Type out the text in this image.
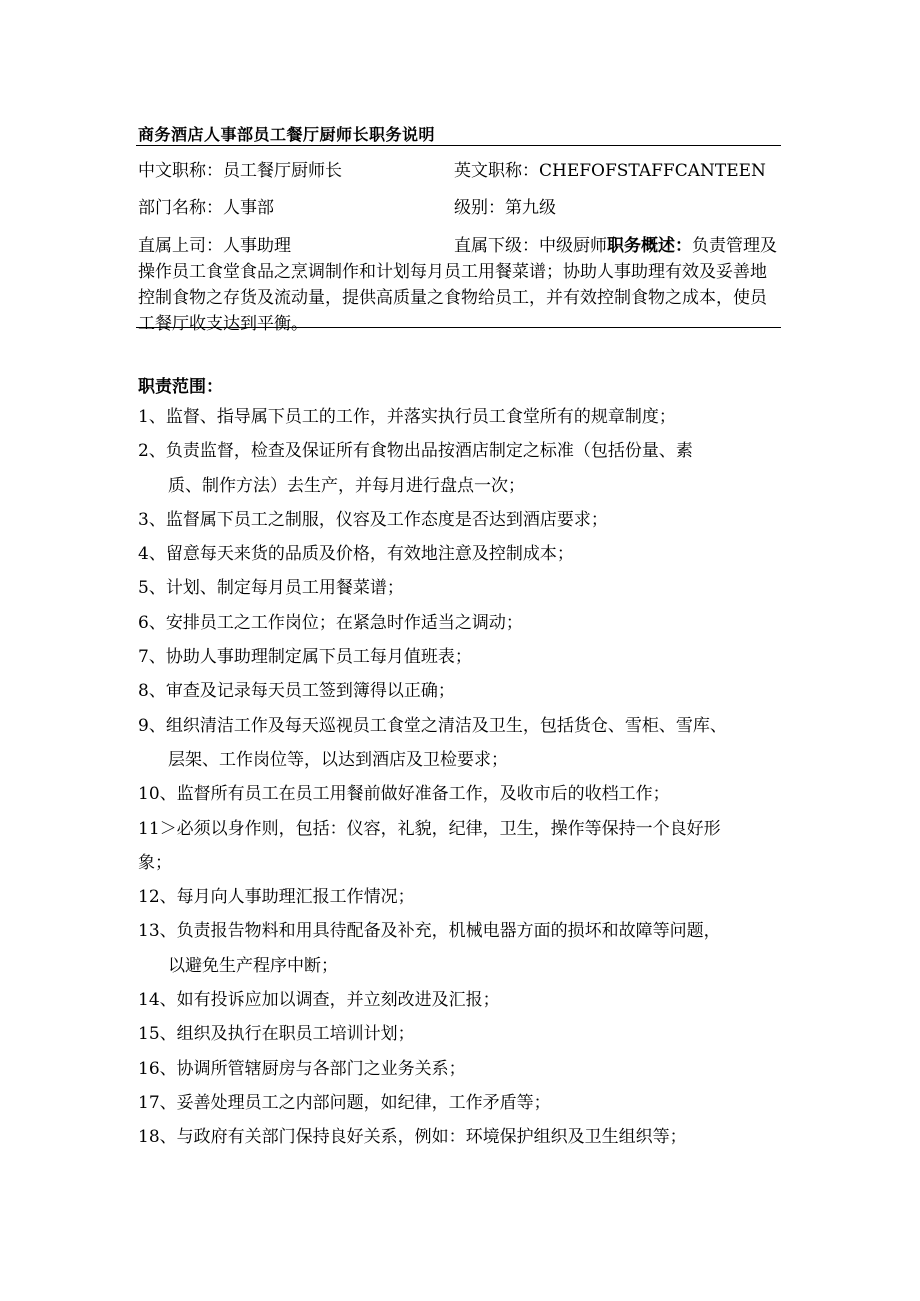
商务酒店人事部员工餐厅厨师长职务说明
中文职称：员工餐厅厨师长	英文职称：CHEFOFSTAFFCANTEEN
部门名称：人事部	级别：第九级
直属上司：人事助理	直属下级：中级厨师职务概述：负责管理及操作员工食堂食品之烹调制作和计划每月员工用餐菜谱；协助人事助理有效及妥善地控制食物之存货及流动量，提供高质量之食物给员工，并有效控制食物之成本，使员工餐厅收支达到平衡。
职责范围：
1、监督、指导属下员工的工作，并落实执行员工食堂所有的规章制度；
2、负责监督，检查及保证所有食物出品按酒店制定之标准（包括份量、素
质、制作方法）去生产，并每月进行盘点一次；
3、监督属下员工之制服，仪容及工作态度是否达到酒店要求；
4、留意每天来货的品质及价格，有效地注意及控制成本；
5、计划、制定每月员工用餐菜谱；
6、安排员工之工作岗位；在紧急时作适当之调动；
7、协助人事助理制定属下员工每月值班表；
8、审查及记录每天员工签到簿得以正确；
9、组织清洁工作及每天巡视员工食堂之清洁及卫生，包括货仓、雪柜、雪库、
层架、工作岗位等，以达到酒店及卫检要求；
10、监督所有员工在员工用餐前做好准备工作，及收市后的收档工作；
11＞必须以身作则，包括：仪容，礼貌，纪律，卫生，操作等保持一个良好形
象；
12、每月向人事助理汇报工作情况；
13、负责报告物料和用具待配备及补充，机械电器方面的损坏和故障等问题，
以避免生产程序中断；
14、如有投诉应加以调查，并立刻改进及汇报；
15、组织及执行在职员工培训计划；
16、协调所管辖厨房与各部门之业务关系；
17、妥善处理员工之内部问题，如纪律，工作矛盾等；
18、与政府有关部门保持良好关系，例如：环境保护组织及卫生组织等；
